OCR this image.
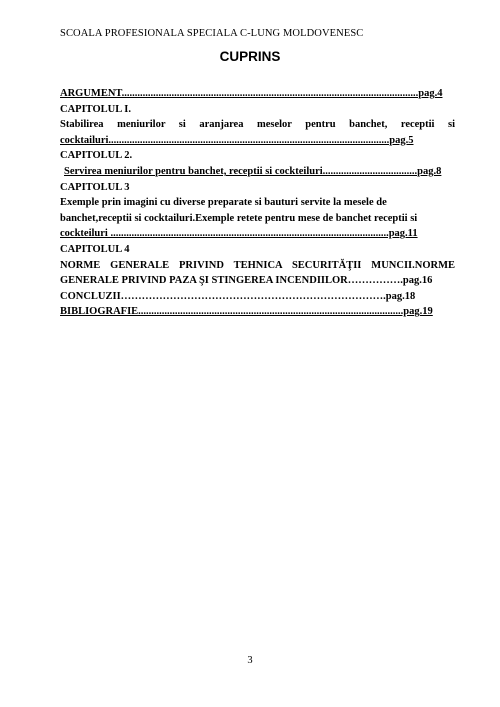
SCOALA PROFESIONALA SPECIALA C-LUNG MOLDOVENESC
CUPRINS
ARGUMENT.................................................................................................................pag.4
CAPITOLUL I.
Stabilirea meniurilor si aranjarea meselor pentru banchet, receptii si
cocktailuri...........................................................................................................pag.5
CAPITOLUL 2.
Servirea meniurilor pentru banchet, receptii si cockteiluri....................................pag.8
CAPITOLUL 3
Exemple prin imagini cu diverse preparate si bauturi servite la mesele de
banchet,receptii si cocktailuri.Exemple retete pentru mese de banchet receptii si
cockteiluri ..........................................................................................................pag.11
CAPITOLUL 4
NORME GENERALE PRIVIND TEHNICA SECURITĂŢII MUNCII.NORME
GENERALE PRIVIND PAZA ŞI STINGEREA INCENDIILOR…………….pag.16
CONCLUZII………………………………………………………………….pag.18
BIBLIOGRAFIE.....................................................................................................pag.19
3
